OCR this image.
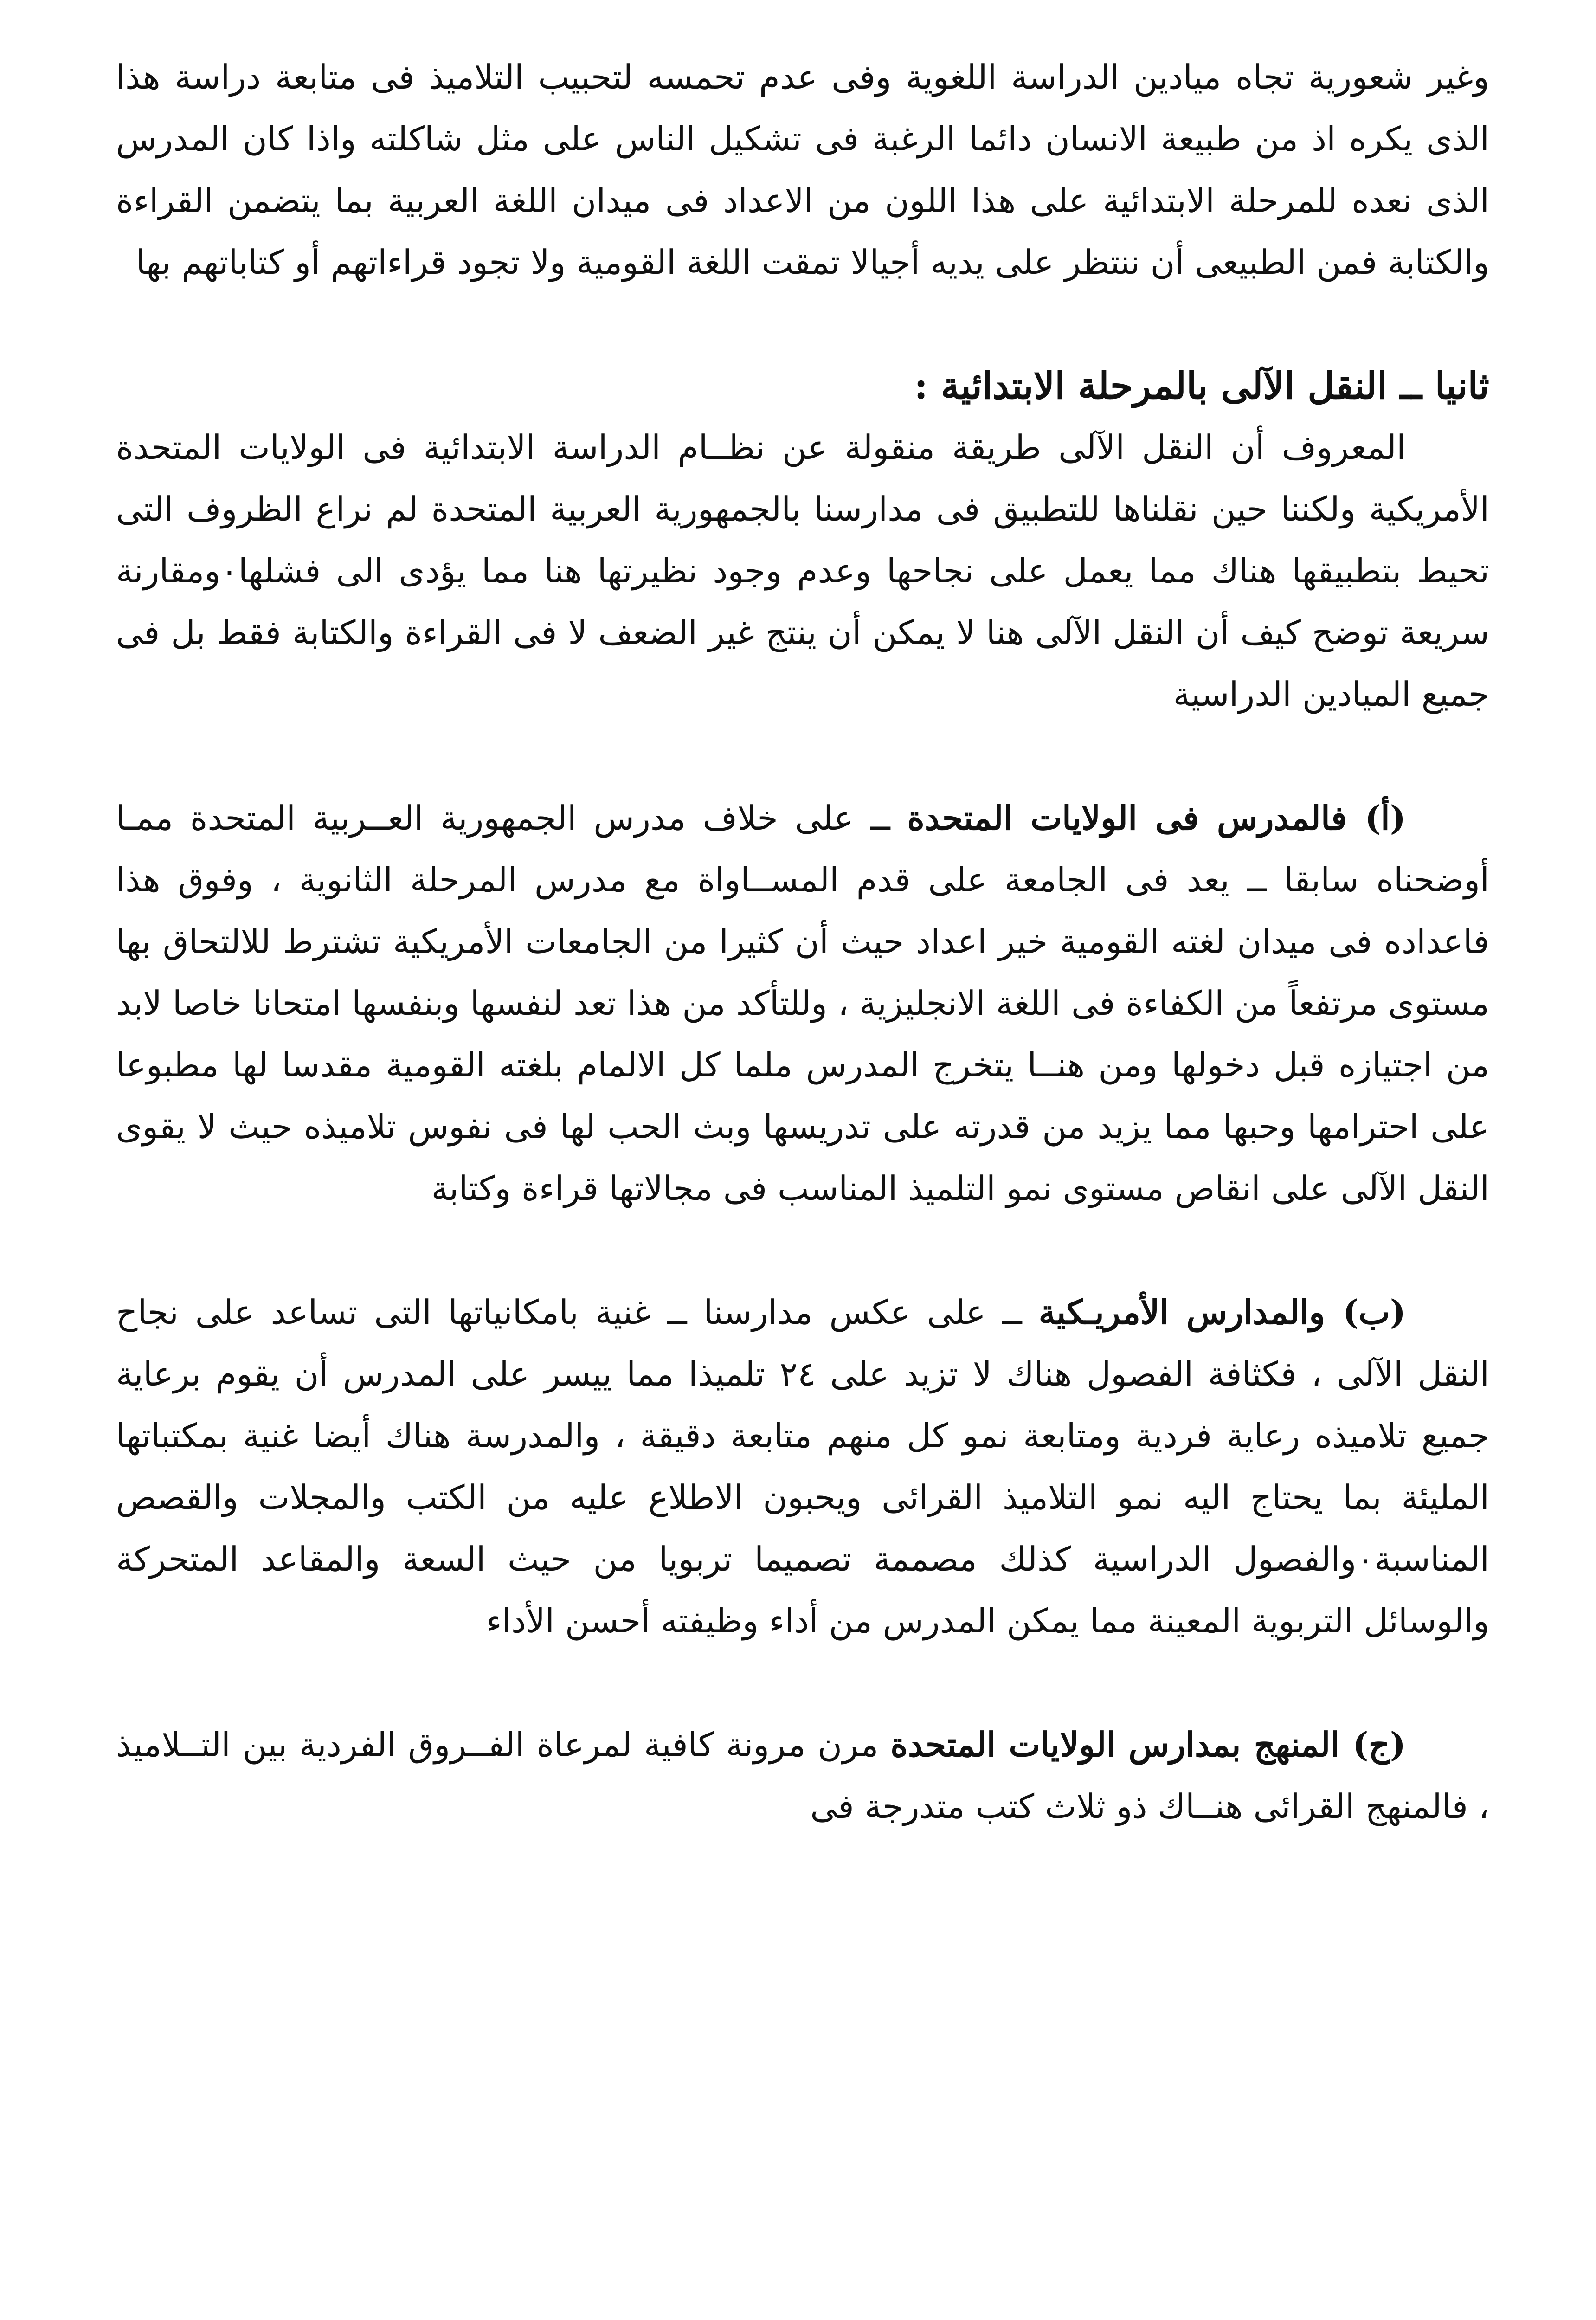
وغير شعورية تجاه ميادين الدراسة اللغوية وفى عدم تحمسه لتحبيب التلاميذ فى متابعة دراسة هذا الذى يكره اذ من طبيعة الانسان دائما الرغبة فى تشكيل الناس على مثل شاكلته واذا كان المدرس الذى نعده للمرحلة الابتدائية على هذا اللون من الاعداد فى ميدان اللغة العربية بما يتضمن القراءة والكتابة فمن الطبيعى أن ننتظر على يديه أجيالا تمقت اللغة القومية ولا تجود قراءاتهم أو كتاباتهم بها

ثانيا ــ النقل الآلى بالمرحلة الابتدائية :

المعروف أن النقل الآلى طريقة منقولة عن نظــام الدراسة الابتدائية فى الولايات المتحدة الأمريكية ولكننا حين نقلناها للتطبيق فى مدارسنا بالجمهورية العربية المتحدة لم نراع الظروف التى تحيط بتطبيقها هناك مما يعمل على نجاحها وعدم وجود نظيرتها هنا مما يؤدى الى فشلها٠ومقارنة سريعة توضح كيف أن النقل الآلى هنا لا يمكن أن ينتج غير الضعف لا فى القراءة والكتابة فقط بل فى جميع الميادين الدراسية

(أ) فالمدرس فى الولايات المتحدة ــ على خلاف مدرس الجمهورية العــربية المتحدة ممـا أوضحناه سابقا ــ يعد فى الجامعة على قدم المســاواة مع مدرس المرحلة الثانوية ، وفوق هذا فاعداده فى ميدان لغته القومية خير اعداد حيث أن كثيرا من الجامعات الأمريكية تشترط للالتحاق بها مستوى مرتفعاً من الكفاءة فى اللغة الانجليزية ، وللتأكد من هذا تعد لنفسها وبنفسها امتحانا خاصا لابد من اجتيازه قبل دخولها ومن هنــا يتخرج المدرس ملما كل الالمام بلغته القومية مقدسا لها مطبوعا على احترامها وحبها مما يزيد من قدرته على تدريسها وبث الحب لها فى نفوس تلاميذه حيث لا يقوى النقل الآلى على انقاص مستوى نمو التلميذ المناسب فى مجالاتها قراءة وكتابة

(ب) والمدارس الأمريـكية ــ على عكس مدارسنا ــ غنية بامكانياتها التى تساعد على نجاح النقل الآلى ، فكثافة الفصول هناك لا تزيد على ٢٤ تلميذا مما ييسر على المدرس أن يقوم برعاية جميع تلاميذه رعاية فردية ومتابعة نمو كل منهم متابعة دقيقة ، والمدرسة هناك أيضا غنية بمكتباتها المليئة بما يحتاج اليه نمو التلاميذ القرائى ويحبون الاطلاع عليه من الكتب والمجلات والقصص المناسبة٠والفصول الدراسية كذلك مصممة تصميما تربويا من حيث السعة والمقاعد المتحركة والوسائل التربوية المعينة مما يمكن المدرس من أداء وظيفته أحسن الأداء

(ج) المنهج بمدارس الولايات المتحدة مرن مرونة كافية لمرعاة الفــروق الفردية بين التــلاميذ ، فالمنهج القرائى هنــاك ذو ثلاث كتب متدرجة فى
